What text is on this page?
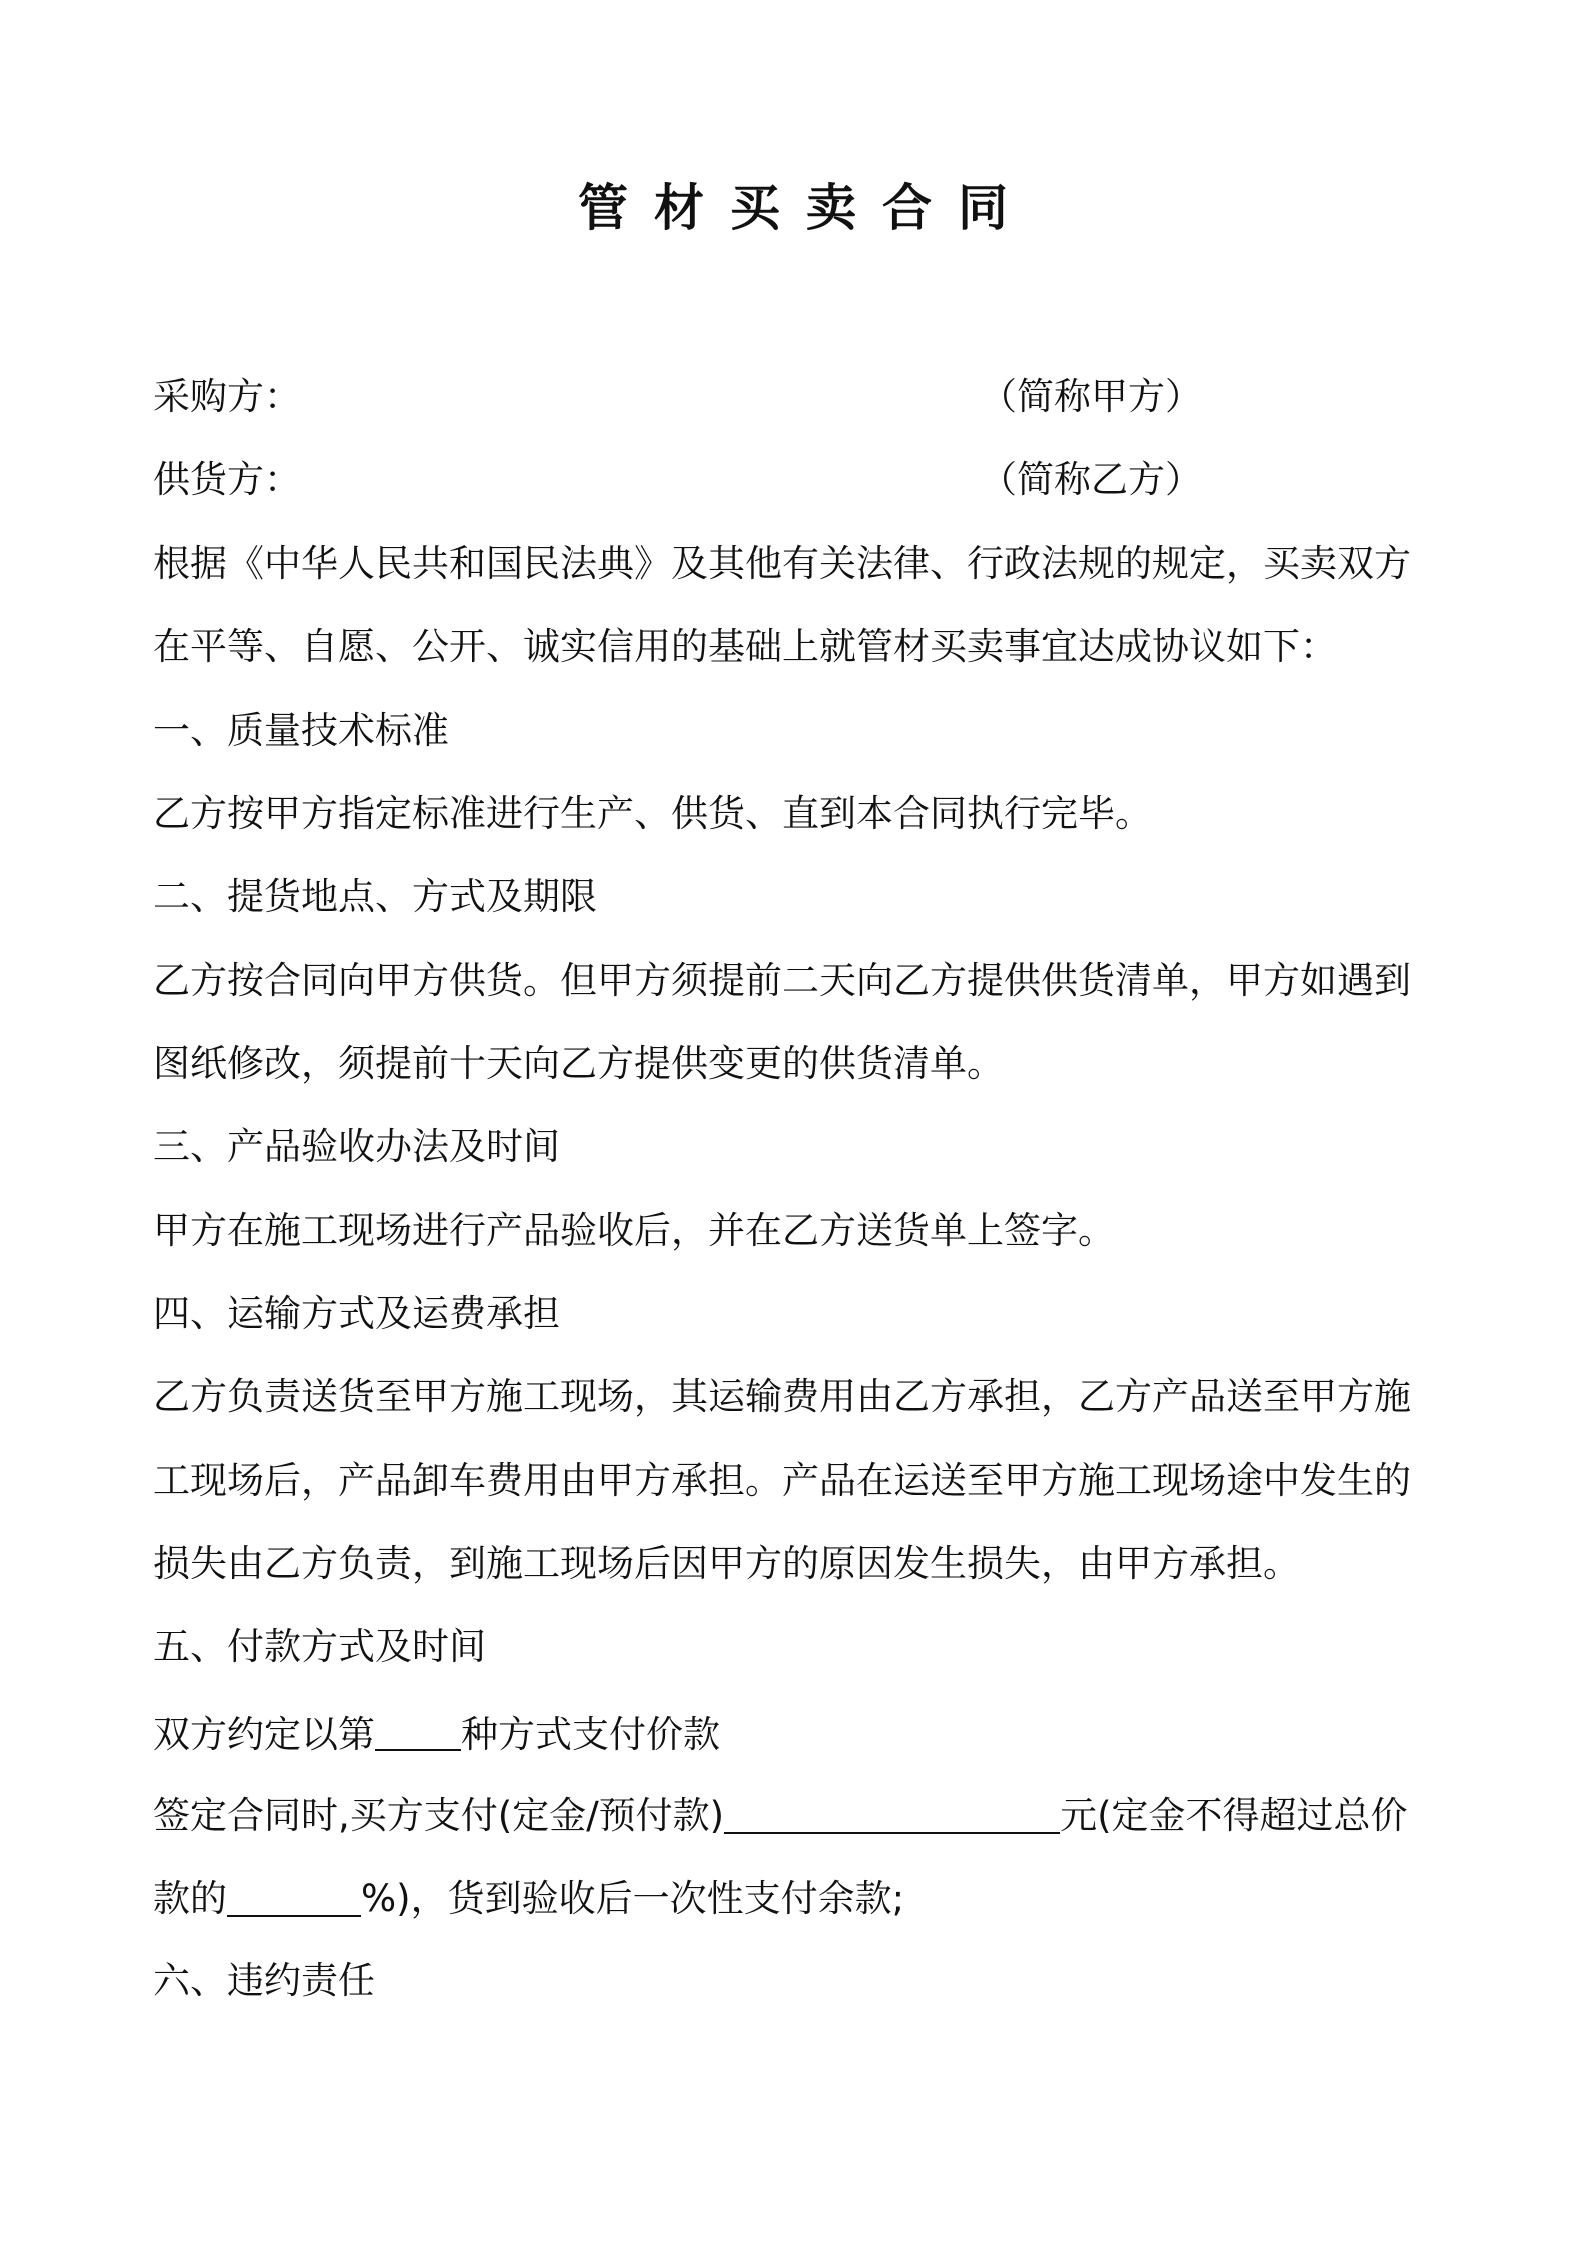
管材买卖合同
采购方：	（简称甲方）
供货方：	（简称乙方）
根据《中华人民共和国民法典》及其他有关法律、行政法规的规定，买卖双方
在平等、自愿、公开、诚实信用的基础上就管材买卖事宜达成协议如下：
一、质量技术标准
乙方按甲方指定标准进行生产、供货、直到本合同执行完毕。
二、提货地点、方式及期限
乙方按合同向甲方供货。但甲方须提前二天向乙方提供供货清单，甲方如遇到
图纸修改，须提前十天向乙方提供变更的供货清单。
三、产品验收办法及时间
甲方在施工现场进行产品验收后，并在乙方送货单上签字。
四、运输方式及运费承担
乙方负责送货至甲方施工现场，其运输费用由乙方承担，乙方产品送至甲方施
工现场后，产品卸车费用由甲方承担。产品在运送至甲方施工现场途中发生的
损失由乙方负责，到施工现场后因甲方的原因发生损失，由甲方承担。
五、付款方式及时间
双方约定以第 种方式支付价款
签定合同时,买方支付(定金/预付款)	元(定金不得超过总价
款的	%)，货到验收后一次性支付余款;
六、违约责任
